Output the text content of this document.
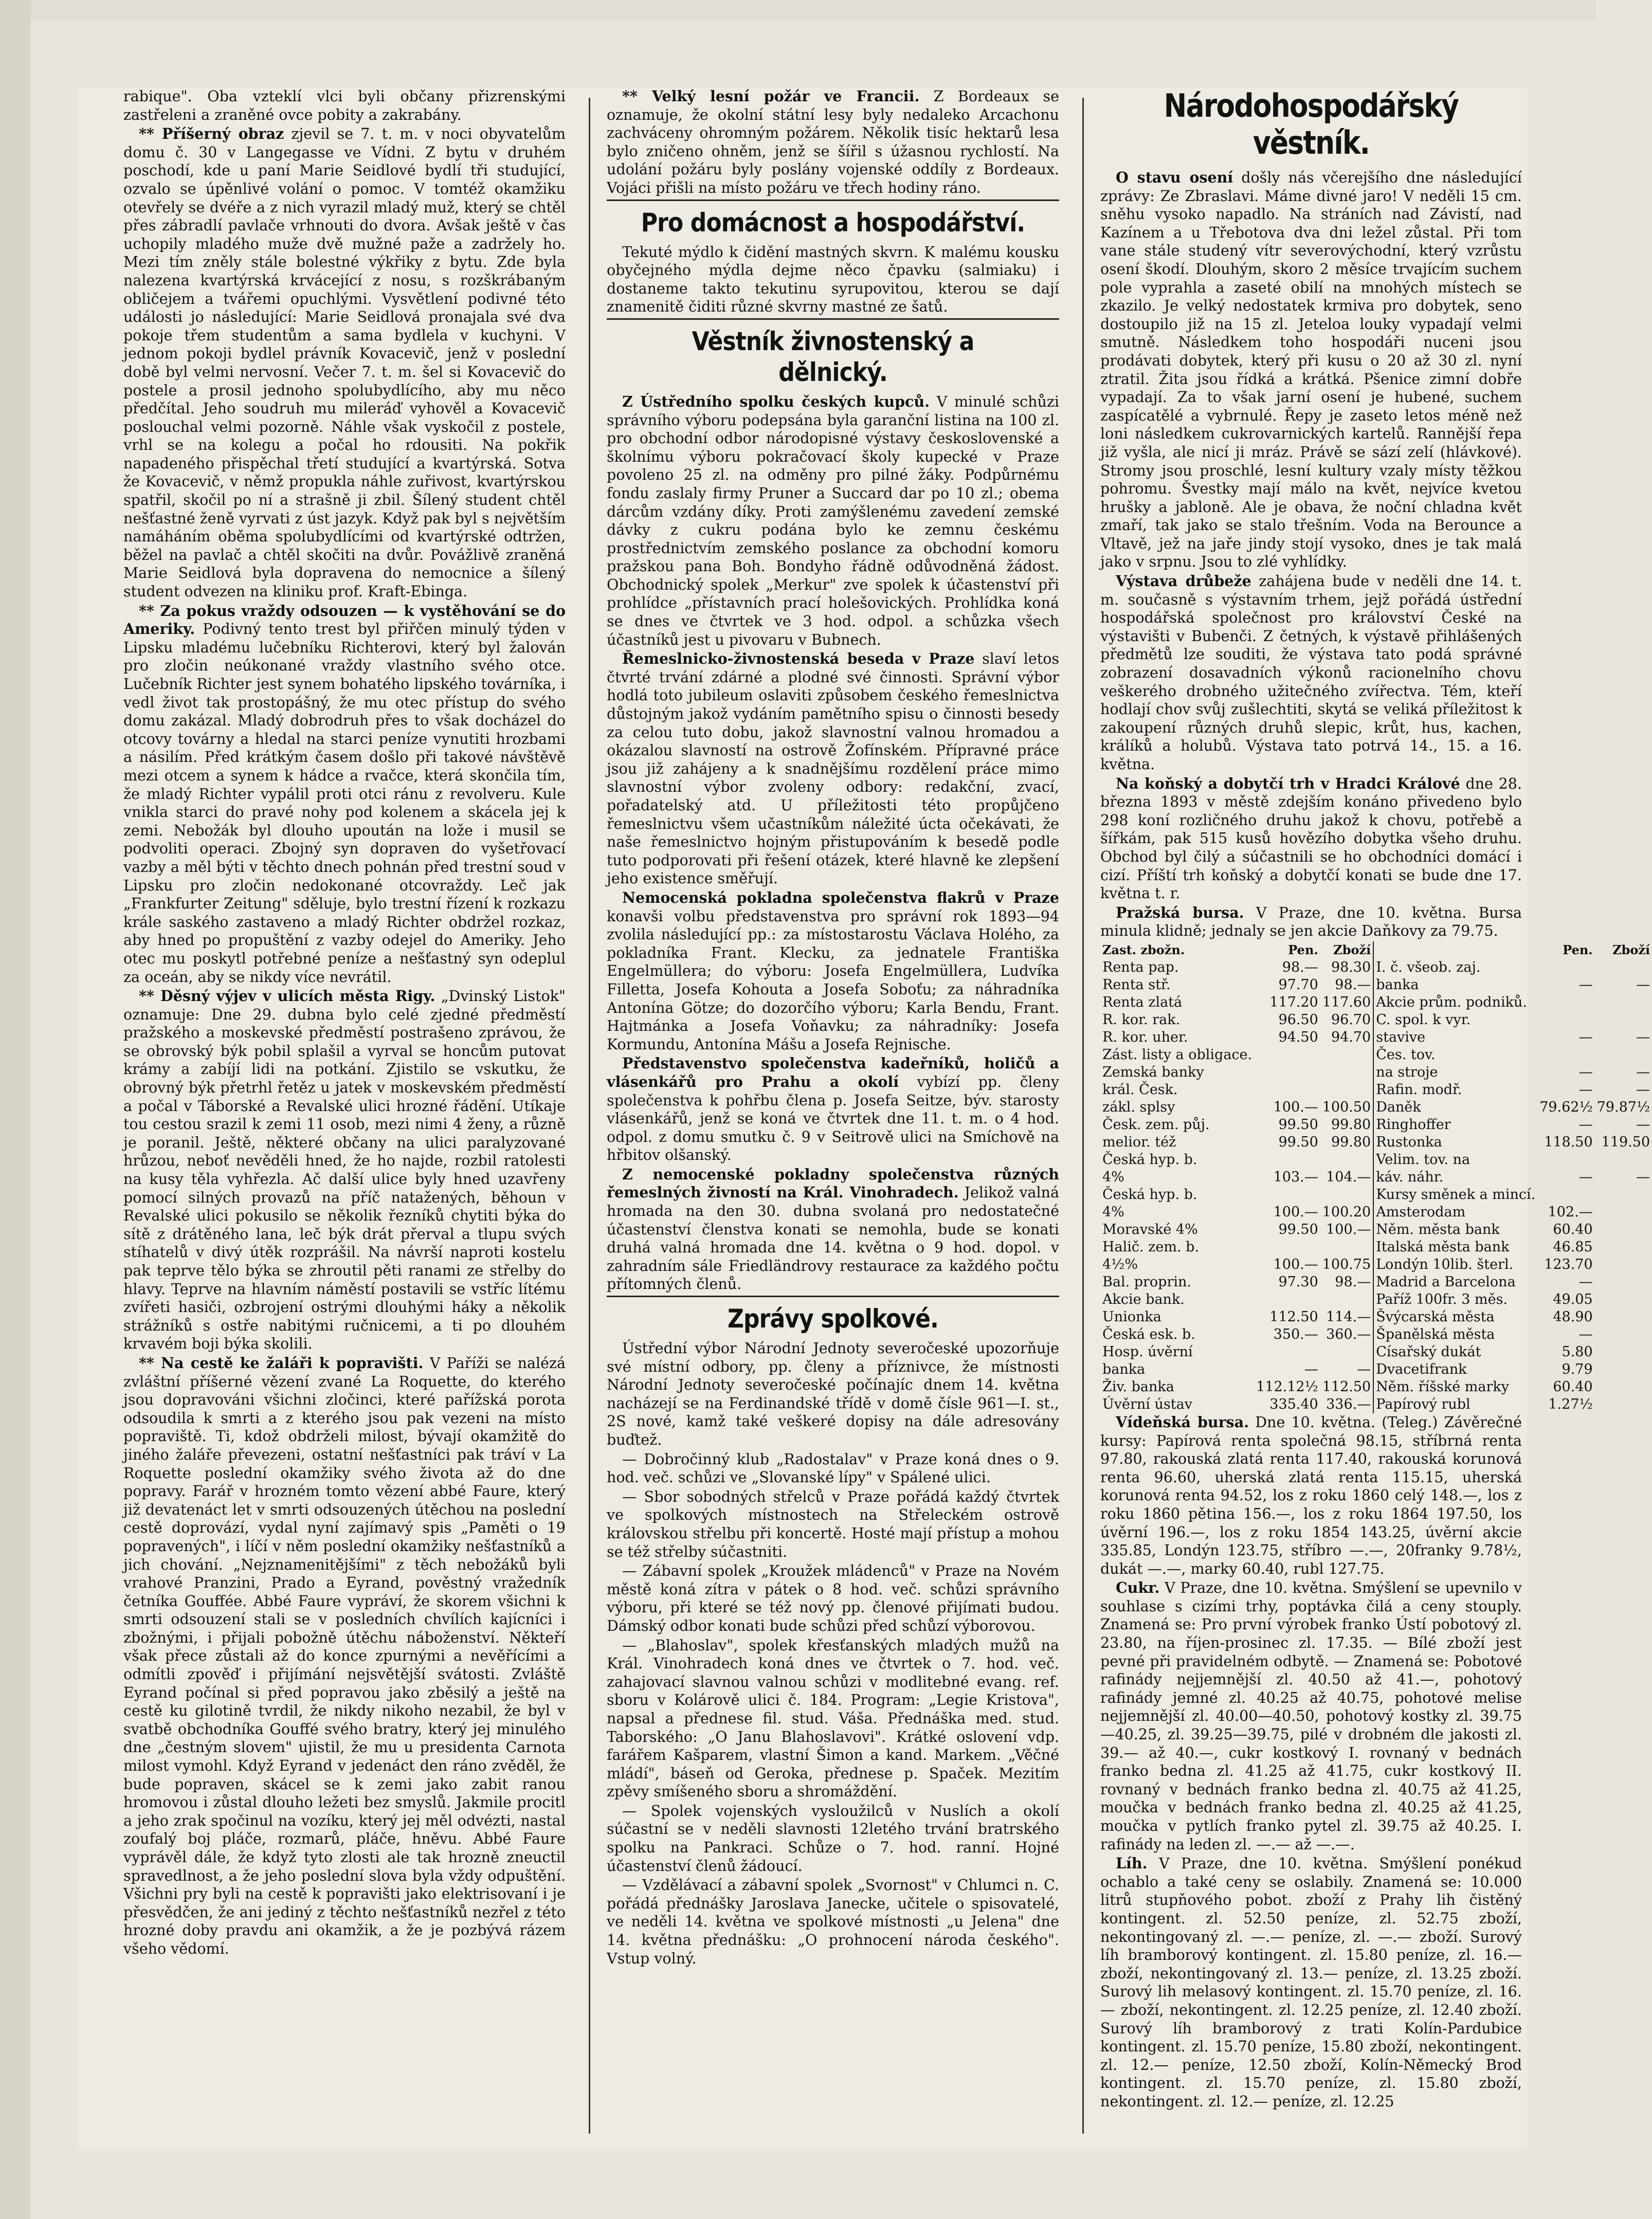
rabique". Oba vzteklí vlci byli občany přizrenskými zastřeleni a zraněné ovce pobity a zakrabány.

** Příšerný obraz zjevil se 7. t. m. v noci obyvatelům domu č. 30 v Langegasse ve Vídni. Z bytu v druhém poschodí, kde u paní Marie Seidlové bydlí tři studující, ozvalo se úpěnlivé volání o pomoc. V tomtéž okamžiku otevřely se dvéře a z nich vyrazil mladý muž, který se chtěl přes zábradlí pavlače vrhnouti do dvora. Avšak ještě v čas uchopily mladého muže dvě mužné paže a zadržely ho. Mezi tím zněly stále bolestné výkřiky z bytu. Zde byla nalezena kvartýrská krvácející z nosu, s rozškrábaným obličejem a tvářemi opuchlými. Vysvětlení podivné této události jo následující: Marie Seidlová pronajala své dva pokoje třem studentům a sama bydlela v kuchyni. V jednom pokoji bydlel právník Kovacevič, jenž v poslední době byl velmi nervosní. Večer 7. t. m. šel si Kovacevič do postele a prosil jednoho spolubydlícího, aby mu něco předčítal. Jeho soudruh mu mileráď vyhověl a Kovacevič poslouchal velmi pozorně. Náhle však vyskočil z postele, vrhl se na kolegu a počal ho rdousiti. Na pokřik napadeného přispěchal třetí studující a kvartýrská. Sotva že Kovacevič, v němž propukla náhle zuřivost, kvartýrskou spatřil, skočil po ní a strašně ji zbil. Šílený student chtěl nešťastné ženě vyrvati z úst jazyk. Když pak byl s největším namáháním oběma spolubydlícími od kvartýrské odtržen, běžel na pavlač a chtěl skočiti na dvůr. Povážlivě zraněná Marie Seidlová byla dopravena do nemocnice a šílený student odvezen na kliniku prof. Kraft-Ebinga.

** Za pokus vraždy odsouzen — k vystěhování se do Ameriky. Podivný tento trest byl přiřčen minulý týden v Lipsku mladému lučebníku Richterovi, který byl žalován pro zločin neúkonané vraždy vlastního svého otce. Lučebník Richter jest synem bohatého lipského továrníka, i vedl život tak prostopášný, že mu otec přístup do svého domu zakázal. Mladý dobrodruh přes to však docházel do otcovy továrny a hledal na starci peníze vynutiti hrozbami a násilím. Před krátkým časem došlo při takové návštěvě mezi otcem a synem k hádce a rvačce, která skončila tím, že mladý Richter vypálil proti otci ránu z revolveru. Kule vnikla starci do pravé nohy pod kolenem a skácela jej k zemi. Nebožák byl dlouho upoután na lože i musil se podvoliti operaci. Zbojný syn dopraven do vyšetřovací vazby a měl býti v těchto dnech pohnán před trestní soud v Lipsku pro zločin nedokonané otcovraždy. Leč jak „Frankfurter Zeitung" sděluje, bylo trestní řízení k rozkazu krále saského zastaveno a mladý Richter obdržel rozkaz, aby hned po propuštění z vazby odejel do Ameriky. Jeho otec mu poskytl potřebné peníze a nešťastný syn odeplul za oceán, aby se nikdy více nevrátil.

** Děsný výjev v ulicích města Rigy. „Dvinský Listok" oznamuje: Dne 29. dubna bylo celé zjedné předměstí pražského a moskevské předměstí postrašeno zprávou, že se obrovský býk pobil splašil a vyrval se honcům putovat krámy a zabíjí lidi na potkání. Zjistilo se vskutku, že obrovný býk přetrhl řetěz u jatek v moskevském předměstí a počal v Táborské a Revalské ulici hrozné řádění. Utíkaje tou cestou srazil k zemi 11 osob, mezi nimi 4 ženy, a různě je poranil. Ještě, některé občany na ulici paralyzované hrůzou, neboť nevěděli hned, že ho najde, rozbil ratolesti na kusy těla vyhřezla. Ač další ulice byly hned uzavřeny pomocí silných provazů na příč natažených, běhoun v Revalské ulici pokusilo se několik řezníků chytiti býka do sítě z drátěného lana, leč býk drát přerval a tlupu svých stíhatelů v divý útěk rozprášil. Na návrší naproti kostelu pak teprve tělo býka se zhroutil pěti ranami ze střelby do hlavy. Teprve na hlavním náměstí postavili se vstříc lítému zvířeti hasiči, ozbrojení ostrými dlouhými háky a několik strážníků s ostře nabitými ručnicemi, a ti po dlouhém krvavém boji býka skolili.

** Na cestě ke žaláři k popravišti. V Paříži se nalézá zvláštní příšerné vězení zvané La Roquette, do kterého jsou dopravováni všichni zločinci, které pařížská porota odsoudila k smrti a z kterého jsou pak vezeni na místo popraviště. Ti, kdož obdrželi milost, bývají okamžitě do jiného žaláře převezeni, ostatní nešťastníci pak tráví v La Roquette poslední okamžiky svého života až do dne popravy. Farář v hrozném tomto vězení abbé Faure, který již devatenáct let v smrti odsouzených útěchou na poslední cestě doprovází, vydal nyní zajímavý spis „Paměti o 19 popravených", i líčí v něm poslední okamžiky nešťastníků a jich chování. „Nejznamenitějšími" z těch nebožáků byli vrahové Pranzini, Prado a Eyrand, pověstný vražedník četníka Gouffée. Abbé Faure vypráví, že skorem všichni k smrti odsouzení stali se v posledních chvílích kajícníci i zbožnými, i přijali pobožně útěchu náboženství. Někteří však přece zůstali až do konce zpurnými a nevěřícími a odmítli zpověď i přijímání nejsvětější svátosti. Zvláště Eyrand počínal si před popravou jako zběsilý a ještě na cestě ku gilotině tvrdil, že nikdy nikoho nezabil, že byl v svatbě obchodníka Gouffé svého bratry, který jej minulého dne „čestným slovem" ujistil, že mu u presidenta Carnota milost vymohl. Když Eyrand v jedenáct den ráno zvěděl, že bude popraven, skácel se k zemi jako zabit ranou hromovou i zůstal dlouho ležeti bez smyslů. Jakmile procitl a jeho zrak spočinul na vozíku, který jej měl odvézti, nastal zoufalý boj pláče, rozmarů, pláče, hněvu. Abbé Faure vyprávěl dále, že když tyto zlosti ale tak hrozně zneuctil spravedlnost, a že jeho poslední slova byla vždy odpuštění. Všichni pry byli na cestě k popravišti jako elektrisovaní i je přesvědčen, že ani jediný z těchto nešťastníků nezřel z této hrozné doby pravdu ani okamžik, a že je pozbývá rázem všeho vědomí.

** Velký lesní požár ve Francii. Z Bordeaux se oznamuje, že okolní státní lesy byly nedaleko Arcachonu zachváceny ohromným požárem. Několik tisíc hektarů lesa bylo zničeno ohněm, jenž se šířil s úžasnou rychlostí. Na udolání požáru byly poslány vojenské oddíly z Bordeaux. Vojáci přišli na místo požáru ve třech hodiny ráno.

Pro domácnost a hospodářství.

Tekuté mýdlo k čidění mastných skvrn. K malému kousku obyčejného mýdla dejme něco čpavku (salmiaku) i dostaneme takto tekutinu syrupovitou, kterou se dají znamenitě čiditi různé skvrny mastné ze šatů.

Věstník živnostenský a dělnický.

Z Ústředního spolku českých kupců. V minulé schůzi správního výboru podepsána byla garanční listina na 100 zl. pro obchodní odbor národopisné výstavy československé a školnímu výboru pokračovací školy kupecké v Praze povoleno 25 zl. na odměny pro pilné žáky. Podpůrnému fondu zaslaly firmy Pruner a Succard dar po 10 zl.; obema dárcům vzdány díky. Proti zamýšlenému zavedení zemské dávky z cukru podána bylo ke zemnu českému prostřednictvím zemského poslance za obchodní komoru pražskou pana Boh. Bondyho řádně odůvodněná žádost. Obchodnický spolek „Merkur" zve spolek k účastenství při prohlídce „přístavních prací holešovických. Prohlídka koná se dnes ve čtvrtek ve 3 hod. odpol. a schůzka všech účastníků jest u pivovaru v Bubnech.

Řemeslnicko-živnostenská beseda v Praze slaví letos čtvrté trvání zdárné a plodné své činnosti. Správní výbor hodlá toto jubileum oslaviti způsobem českého řemeslnictva důstojným jakož vydáním pamětního spisu o činnosti besedy za celou tuto dobu, jakož slavnostní valnou hromadou a okázalou slavností na ostrově Žofínském. Přípravné práce jsou již zahájeny a k snadnějšímu rozdělení práce mimo slavnostní výbor zvoleny odbory: redakční, zvací, pořadatelský atd. U příležitosti této propůjčeno řemeslnictvu všem učastníkům náležité úcta očekávati, že naše řemeslnictvo hojným přistupováním k besedě podle tuto podporovati při řešení otázek, které hlavně ke zlepšení jeho existence směřují.

Nemocenská pokladna společenstva flakrů v Praze konavši volbu představenstva pro správní rok 1893—94 zvolila následující pp.: za místostarostu Václava Holého, za pokladníka Frant. Klecku, za jednatele Františka Engelmüllera; do výboru: Josefa Engelmüllera, Ludvíka Filletta, Josefa Kohouta a Josefa Soboťu; za náhradníka Antonína Götze; do dozorčího výboru; Karla Bendu, Frant. Hajtmánka a Josefa Voňavku; za náhradníky: Josefa Kormundu, Antonína Mášu a Josefa Rejnische.

Představenstvo společenstva kadeřníků, holičů a vlásenkářů pro Prahu a okolí vybízí pp. členy společenstva k pohřbu člena p. Josefa Seitze, býv. starosty vlásenkářů, jenž se koná ve čtvrtek dne 11. t. m. o 4 hod. odpol. z domu smutku č. 9 v Seitrově ulici na Smíchově na hřbitov olšanský.

Z nemocenské pokladny společenstva různých řemeslných živností na Král. Vinohradech. Jelikož valná hromada na den 30. dubna svolaná pro nedostatečné účastenství členstva konati se nemohla, bude se konati druhá valná hromada dne 14. května o 9 hod. dopol. v zahradním sále Friedländrovy restaurace za každého počtu přítomných členů.

Zprávy spolkové.

Ústřední výbor Národní Jednoty severočeské upozorňuje své místní odbory, pp. členy a příznivce, že místnosti Národní Jednoty severočeské počínajíc dnem 14. května nacházejí se na Ferdinandské třídě v domě čísle 961—I. st., 2S nové, kamž také veškeré dopisy na dále adresovány buďtež.

— Dobročinný klub „Radostalav" v Praze koná dnes o 9. hod. več. schůzi ve „Slovanské lípy" v Spálené ulici.

— Sbor sobodných střelců v Praze pořádá každý čtvrtek ve spolkových místnostech na Střeleckém ostrově královskou střelbu při koncertě. Hosté mají přístup a mohou se též střelby súčastniti.

— Zábavní spolek „Kroužek mládenců" v Praze na Novém městě koná zítra v pátek o 8 hod. več. schůzi správního výboru, při které se též nový pp. členové přijímati budou. Dámský odbor konati bude schůzi před schůzí výborovou.

— „Blahoslav", spolek křesťanských mladých mužů na Král. Vinohradech koná dnes ve čtvrtek o 7. hod. več. zahajovací slavnou valnou schůzi v modlitebné evang. ref. sboru v Kolárově ulici č. 184. Program: „Legie Kristova", napsal a přednese fil. stud. Váša. Přednáška med. stud. Taborského: „O Janu Blahoslavovi". Krátké oslovení vdp. farářem Kašparem, vlastní Šimon a kand. Markem. „Věčné mládí", báseň od Geroka, přednese p. Spaček. Mezitím zpěvy smíšeného sboru a shromáždění.

— Spolek vojenských vysloužilců v Nuslích a okolí súčastní se v neděli slavnosti 12letého trvání bratrského spolku na Pankraci. Schůze o 7. hod. ranní. Hojné účastenství členů žádoucí.

— Vzdělávací a zábavní spolek „Svornost" v Chlumci n. C. pořádá přednášky Jaroslava Janecke, učitele o spisovatelé, ve neděli 14. května ve spolkové místnosti „u Jelena" dne 14. května přednášku: „O prohnocení národa českého". Vstup volný.

Národohospodářský věstník.

O stavu osení došly nás včerejšího dne následující zprávy: Ze Zbraslavi. Máme divné jaro! V neděli 15 cm. sněhu vysoko napadlo. Na stráních nad Závistí, nad Kazínem a u Třebotova dva dni ležel zůstal. Při tom vane stále studený vítr severovýchodní, který vzrůstu osení škodí. Dlouhým, skoro 2 měsíce trvajícím suchem pole vyprahla a zaseté obilí na mnohých místech se zkazilo. Je velký nedostatek krmiva pro dobytek, seno dostoupilo již na 15 zl. Jeteloa louky vypadají velmi smutně. Následkem toho hospodáři nuceni jsou prodávati dobytek, který při kusu o 20 až 30 zl. nyní ztratil. Žita jsou řídká a krátká. Pšenice zimní dobře vypadají. Za to však jarní osení je hubené, suchem zaspícatělé a vybrnulé. Řepy je zaseto letos méně než loni následkem cukrovarnických kartelů. Rannější řepa již vyšla, ale nicí ji mráz. Právě se sází zelí (hlávkové). Stromy jsou proschlé, lesní kultury vzaly místy těžkou pohromu. Švestky mají málo na květ, nejvíce kvetou hrušky a jabloně. Ale je obava, že noční chladna květ zmaří, tak jako se stalo třešním. Voda na Berounce a Vltavě, jež na jaře jindy stojí vysoko, dnes je tak malá jako v srpnu. Jsou to zlé vyhlídky.

Výstava drůbeže zahájena bude v neděli dne 14. t. m. současně s výstavním trhem, jejž pořádá ústřední hospodářská společnost pro království České na výstavišti v Bubenči. Z četných, k výstavě přihlášených předmětů lze souditi, že výstava tato podá správné zobrazení dosavadních výkonů racionelního chovu veškerého drobného užitečného zvířectva. Tém, kteří hodlají chov svůj zušlechtiti, skytá se veliká příležitost k zakoupení různých druhů slepic, krůt, hus, kachen, králíků a holubů. Výstava tato potrvá 14., 15. a 16. května.

Na koňský a dobytčí trh v Hradci Králové dne 28. března 1893 v městě zdejším konáno přivedeno bylo 298 koní rozličného druhu jakož k chovu, potřebě a šířkám, pak 515 kusů hovězího dobytka všeho druhu. Obchod byl čilý a súčastnili se ho obchodníci domácí i cizí. Příští trh koňský a dobytčí konati se bude dne 17. května t. r.

Pražská bursa. V Praze, dne 10. května. Bursa minula klidně; jednaly se jen akcie Daňkovy za 79.75.

Zast. zbožn.	Pen.	Zboží		Pen.	Zboží
Renta pap.	98.—	98.30	I. č. všeob. zaj.		
Renta stř.	97.70	98.—	banka	—	—
Renta zlatá	117.20	117.60	Akcie prům. podniků.		
R. kor. rak.	96.50	96.70	C. spol. k vyr.		
R. kor. uher.	94.50	94.70	stavive	—	—
Zást. listy a obligace.			Čes. tov.		
Zemská banky			na stroje	—	—
král. Česk.			Rafin. modř.	—	—
zákl. splsy	100.—	100.50	Daněk	79.62½	79.87½
Česk. zem. půj.	99.50	99.80	Ringhoffer	—	—
melior. též	99.50	99.80	Rustonka	118.50	119.50
Česká hyp. b.			Velim. tov. na		
4%	103.—	104.—	káv. náhr.	—	—
Česká hyp. b.			Kursy směnek a mincí.		
4%	100.—	100.20	Amsterodam	102.—	
Moravské 4%	99.50	100.—	Něm. města bank	60.40	
Halič. zem. b.			Italská města bank	46.85	
4½%	100.—	100.75	Londýn 10lib. šterl.	123.70	
Bal. proprin.	97.30	98.—	Madrid a Barcelona	—	
Akcie bank.			Paříž 100fr. 3 měs.	49.05	
Unionka	112.50	114.—	Švýcarská města	48.90	
Česká esk. b.	350.—	360.—	Španělská města	—	
Hosp. úvěrní			Císařský dukát	5.80	
banka	—	—	Dvacetifrank	9.79	
Živ. banka	112.12½	112.50	Něm. říšské marky	60.40	
Úvěrní ústav	335.40	336.—	Papírový rubl	1.27½	

Vídeňská bursa. Dne 10. května. (Teleg.) Závěrečné kursy: Papírová renta společná 98.15, stříbrná renta 97.80, rakouská zlatá renta 117.40, rakouská korunová renta 96.60, uherská zlatá renta 115.15, uherská korunová renta 94.52, los z roku 1860 celý 148.—, los z roku 1860 pětina 156.—, los z roku 1864 197.50, los úvěrní 196.—, los z roku 1854 143.25, úvěrní akcie 335.85, Londýn 123.75, stříbro —.—, 20franky 9.78½, dukát —.—, marky 60.40, rubl 127.75.

Cukr. V Praze, dne 10. května. Smýšlení se upevnilo v souhlase s cizími trhy, poptávka čilá a ceny stouply. Znamená se: Pro první výrobek franko Ústí pobotový zl. 23.80, na říjen-prosinec zl. 17.35. — Bílé zboží jest pevné při pravidelném odbytě. — Znamená se: Pobotové rafinády nejjemnější zl. 40.50 až 41.—, pohotový rafinády jemné zl. 40.25 až 40.75, pohotové melise nejjemnější zl. 40.00—40.50, pohotový kostky zl. 39.75—40.25, zl. 39.25—39.75, pilé v drobném dle jakosti zl. 39.— až 40.—, cukr kostkový I. rovnaný v bednách franko bedna zl. 41.25 až 41.75, cukr kostkový II. rovnaný v bednách franko bedna zl. 40.75 až 41.25, moučka v bednách franko bedna zl. 40.25 až 41.25, moučka v pytlích franko pytel zl. 39.75 až 40.25. I. rafinády na leden zl. —.— až —.—.

Líh. V Praze, dne 10. května. Smýšlení ponékud ochablo a také ceny se oslabily. Znamená se: 10.000 litrů stupňového pobot. zboží z Prahy lih čistěný kontingent. zl. 52.50 peníze, zl. 52.75 zboží, nekontingovaný zl. —.— peníze, zl. —.— zboží. Surový líh bramborový kontingent. zl. 15.80 peníze, zl. 16.— zboží, nekontingovaný zl. 13.— peníze, zl. 13.25 zboží. Surový lih melasový kontingent. zl. 15.70 peníze, zl. 16.— zboží, nekontingent. zl. 12.25 peníze, zl. 12.40 zboží. Surový líh bramborový z trati Kolín-Pardubice kontingent. zl. 15.70 peníze, 15.80 zboží, nekontingent. zl. 12.— peníze, 12.50 zboží, Kolín-Německý Brod kontingent. zl. 15.70 peníze, zl. 15.80 zboží, nekontingent. zl. 12.— peníze, zl. 12.25
